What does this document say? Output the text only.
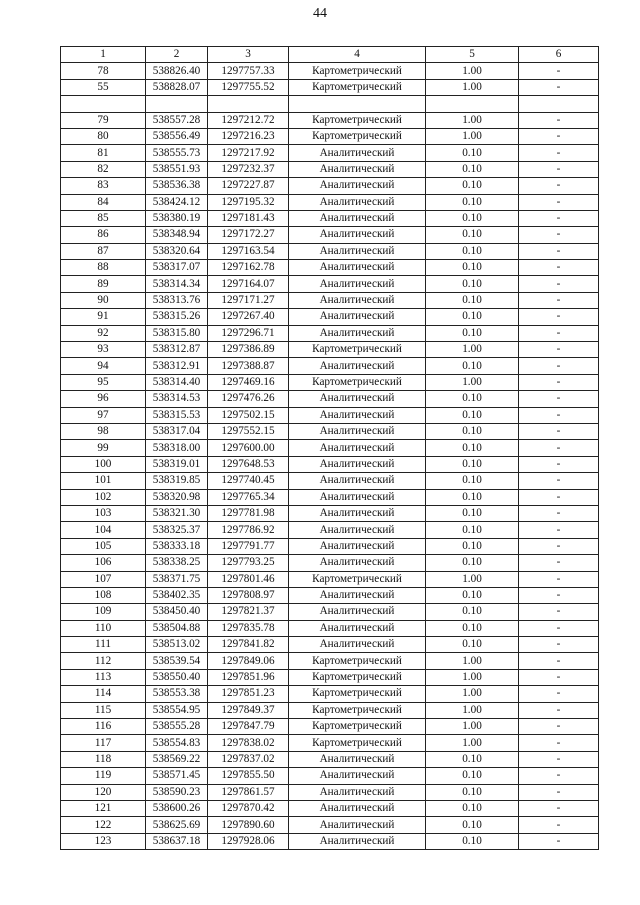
44
1	2	3	4	5	6
78	538826.40	1297757.33	Картометрический	1.00	-
55	538828.07	1297755.52	Картометрический	1.00	-

79	538557.28	1297212.72	Картометрический	1.00	-
80	538556.49	1297216.23	Картометрический	1.00	-
81	538555.73	1297217.92	Аналитический	0.10	-
82	538551.93	1297232.37	Аналитический	0.10	-
83	538536.38	1297227.87	Аналитический	0.10	-
84	538424.12	1297195.32	Аналитический	0.10	-
85	538380.19	1297181.43	Аналитический	0.10	-
86	538348.94	1297172.27	Аналитический	0.10	-
87	538320.64	1297163.54	Аналитический	0.10	-
88	538317.07	1297162.78	Аналитический	0.10	-
89	538314.34	1297164.07	Аналитический	0.10	-
90	538313.76	1297171.27	Аналитический	0.10	-
91	538315.26	1297267.40	Аналитический	0.10	-
92	538315.80	1297296.71	Аналитический	0.10	-
93	538312.87	1297386.89	Картометрический	1.00	-
94	538312.91	1297388.87	Аналитический	0.10	-
95	538314.40	1297469.16	Картометрический	1.00	-
96	538314.53	1297476.26	Аналитический	0.10	-
97	538315.53	1297502.15	Аналитический	0.10	-
98	538317.04	1297552.15	Аналитический	0.10	-
99	538318.00	1297600.00	Аналитический	0.10	-
100	538319.01	1297648.53	Аналитический	0.10	-
101	538319.85	1297740.45	Аналитический	0.10	-
102	538320.98	1297765.34	Аналитический	0.10	-
103	538321.30	1297781.98	Аналитический	0.10	-
104	538325.37	1297786.92	Аналитический	0.10	-
105	538333.18	1297791.77	Аналитический	0.10	-
106	538338.25	1297793.25	Аналитический	0.10	-
107	538371.75	1297801.46	Картометрический	1.00	-
108	538402.35	1297808.97	Аналитический	0.10	-
109	538450.40	1297821.37	Аналитический	0.10	-
110	538504.88	1297835.78	Аналитический	0.10	-
111	538513.02	1297841.82	Аналитический	0.10	-
112	538539.54	1297849.06	Картометрический	1.00	-
113	538550.40	1297851.96	Картометрический	1.00	-
114	538553.38	1297851.23	Картометрический	1.00	-
115	538554.95	1297849.37	Картометрический	1.00	-
116	538555.28	1297847.79	Картометрический	1.00	-
117	538554.83	1297838.02	Картометрический	1.00	-
118	538569.22	1297837.02	Аналитический	0.10	-
119	538571.45	1297855.50	Аналитический	0.10	-
120	538590.23	1297861.57	Аналитический	0.10	-
121	538600.26	1297870.42	Аналитический	0.10	-
122	538625.69	1297890.60	Аналитический	0.10	-
123	538637.18	1297928.06	Аналитический	0.10	-
